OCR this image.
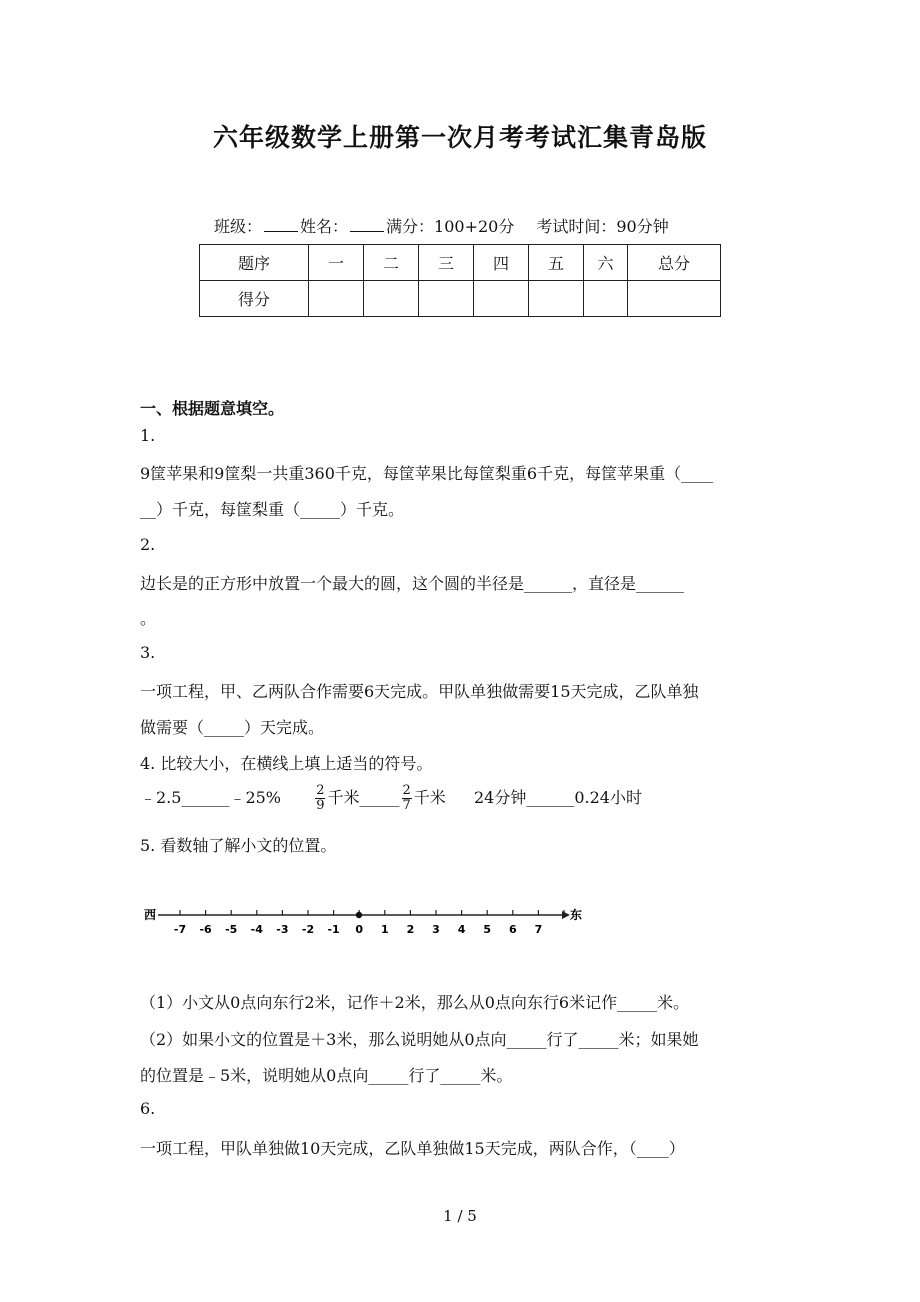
六年级数学上册第一次月考考试汇集青岛版
班级： 姓名： 满分：100+20分 考试时间：90分钟
题序	一	二	三	四	五	六	总分
得分							
一、根据题意填空。
1.
9筐苹果和9筐梨一共重360千克，每筐苹果比每筐梨重6千克，每筐苹果重（____
__）千克，每筐梨重（_____）千克。
2.
边长是的正方形中放置一个最大的圆，这个圆的半径是______，直径是______
。
3.
一项工程，甲、乙两队合作需要6天完成。甲队单独做需要15天完成，乙队单独
做需要（_____）天完成。
4. 比较大小，在横线上填上适当的符号。
﹣2.5______﹣25%	$\frac{2}{9}$ 千米_____ $\frac{2}{7}$ 千米 24分钟______0.24小时
5. 看数轴了解小文的位置。
西	东
-7 -6 -5 -4 -3 -2 -1 0 1 2 3 4 5 6 7
（1）小文从0点向东行2米，记作＋2米，那么从0点向东行6米记作_____米。
（2）如果小文的位置是＋3米，那么说明她从0点向_____行了_____米；如果她
的位置是﹣5米，说明她从0点向_____行了_____米。
6.
一项工程，甲队单独做10天完成，乙队单独做15天完成，两队合作，（____）
1 / 5
